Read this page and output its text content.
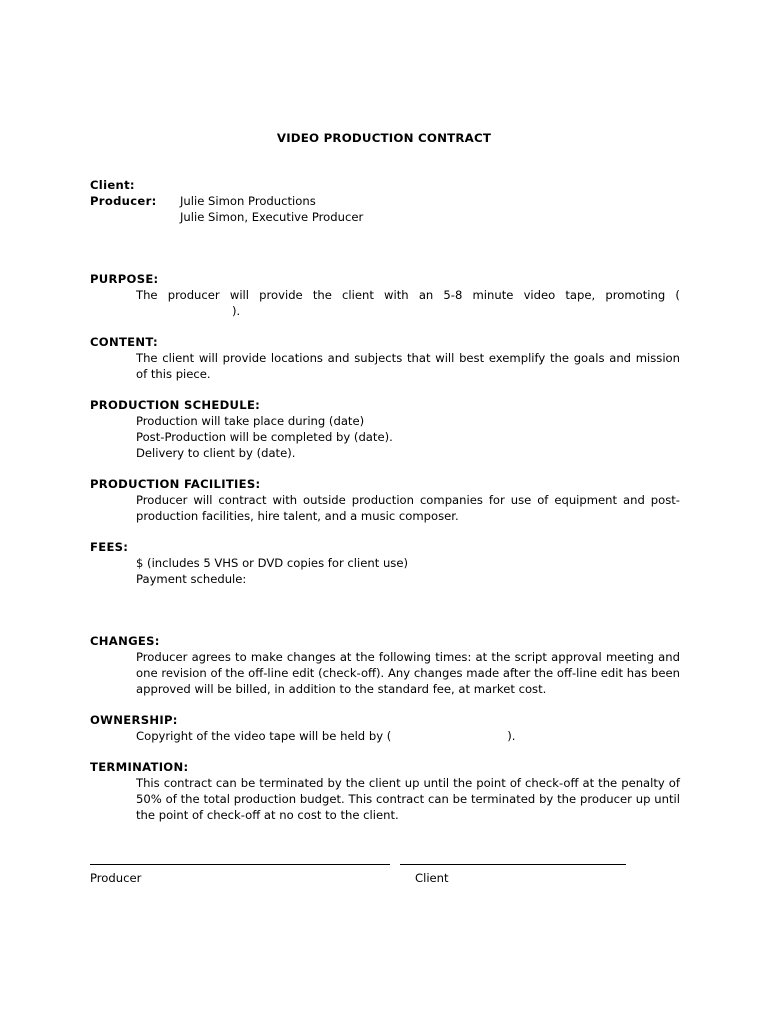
VIDEO PRODUCTION CONTRACT
Client:
Producer:	Julie Simon Productions
Julie Simon, Executive Producer
PURPOSE:
The producer will provide the client with an 5-8 minute video tape, promoting (
).
CONTENT:
The client will provide locations and subjects that will best exemplify the goals and mission of this piece.
PRODUCTION SCHEDULE:
Production will take place during (date)
Post-Production will be completed by (date).
Delivery to client by (date).
PRODUCTION FACILITIES:
Producer will contract with outside production companies for use of equipment and post-production facilities, hire talent, and a music composer.
FEES:
$ (includes 5 VHS or DVD copies for client use)
Payment schedule:
CHANGES:
Producer agrees to make changes at the following times: at the script approval meeting and one revision of the off-line edit (check-off). Any changes made after the off-line edit has been approved will be billed, in addition to the standard fee, at market cost.
OWNERSHIP:
Copyright of the video tape will be held by (	).
TERMINATION:
This contract can be terminated by the client up until the point of check-off at the penalty of 50% of the total production budget. This contract can be terminated by the producer up until the point of check-off at no cost to the client.
Producer	Client
